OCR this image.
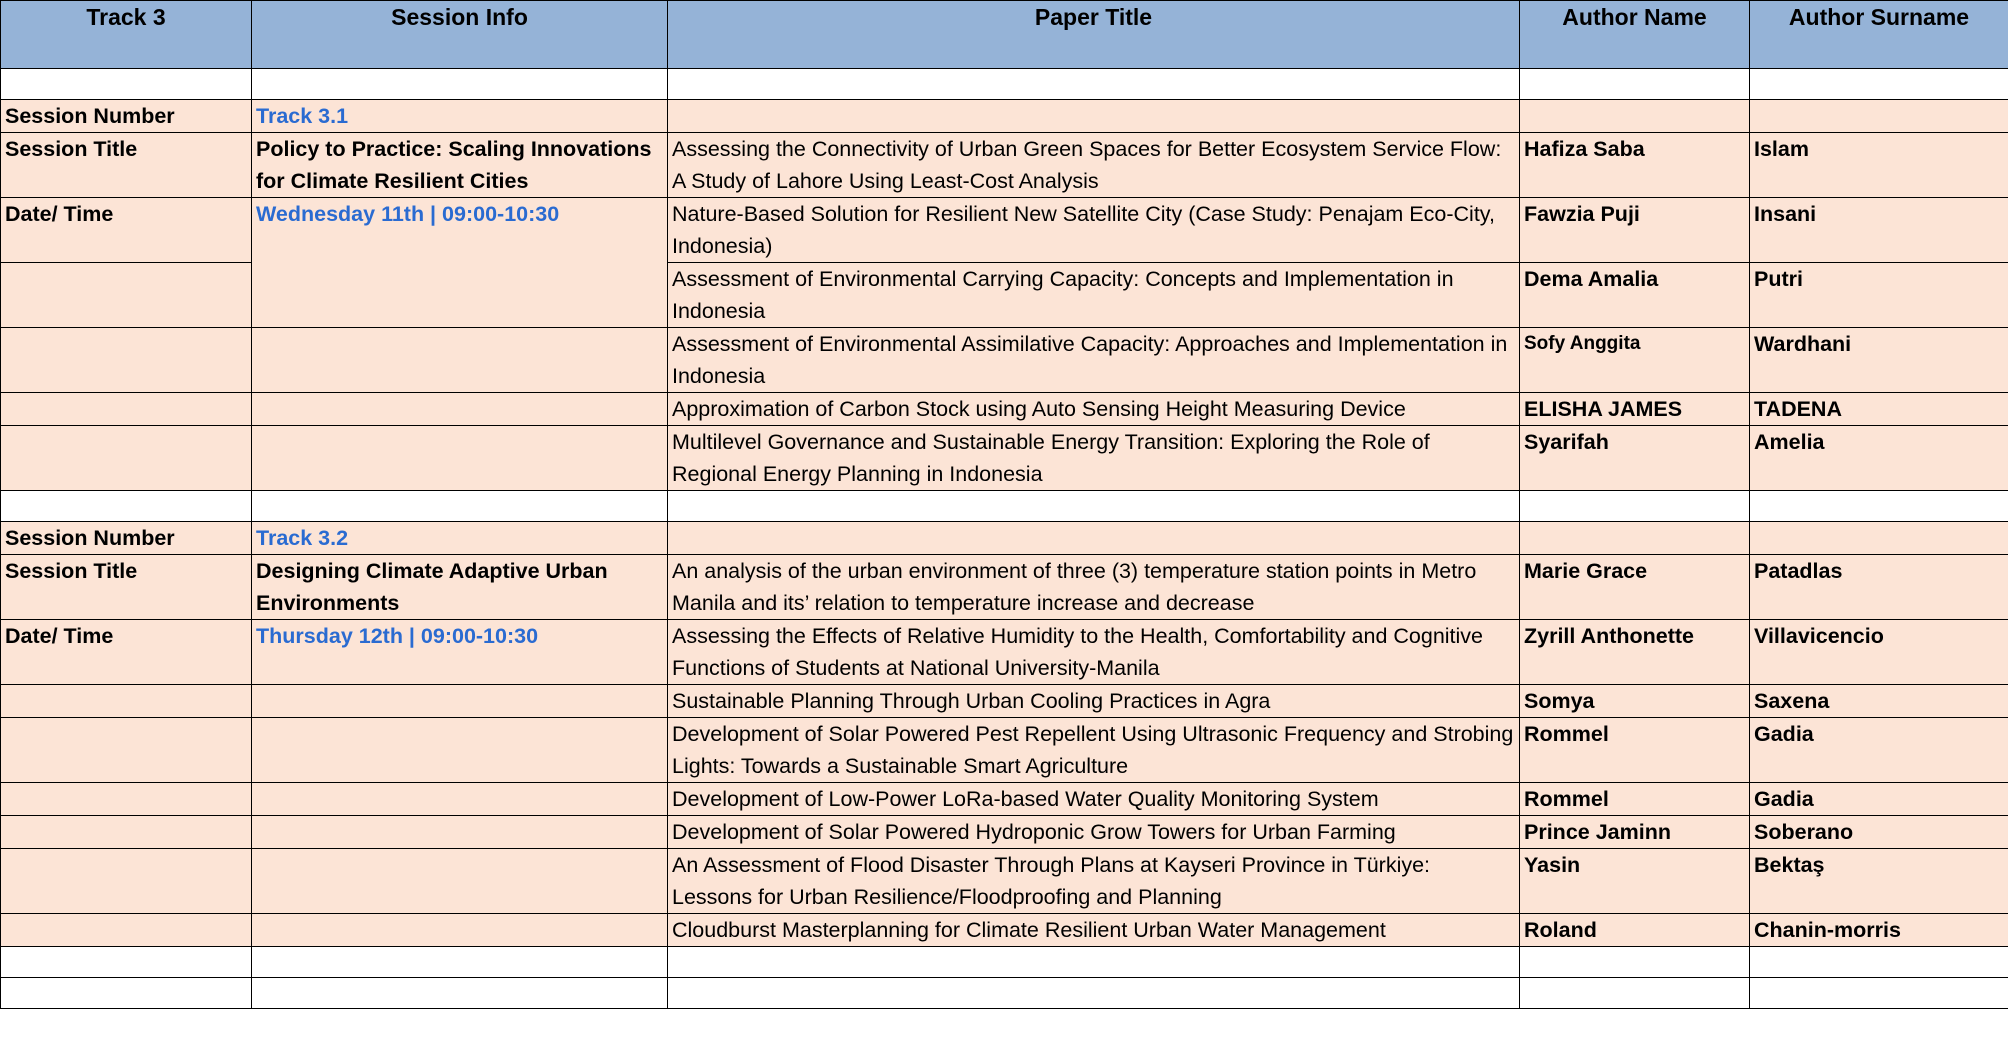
Track 3	Session Info	Paper Title	Author Name	Author Surname

Session Number	Track 3.1			
Session Title	Policy to Practice: Scaling Innovations for Climate Resilient Cities	Assessing the Connectivity of Urban Green Spaces for Better Ecosystem Service Flow: A Study of Lahore Using Least-Cost Analysis	Hafiza Saba	Islam
Date/ Time	Wednesday 11th | 09:00-10:30	Nature-Based Solution for Resilient New Satellite City (Case Study: Penajam Eco-City, Indonesia)	Fawzia Puji	Insani
		Assessment of Environmental Carrying Capacity: Concepts and Implementation in Indonesia	Dema Amalia	Putri
		Assessment of Environmental Assimilative Capacity: Approaches and Implementation in Indonesia	Sofy Anggita	Wardhani
		Approximation of Carbon Stock using Auto Sensing Height Measuring Device	ELISHA JAMES	TADENA
		Multilevel Governance and Sustainable Energy Transition: Exploring the Role of Regional Energy Planning in Indonesia	Syarifah	Amelia

Session Number	Track 3.2			
Session Title	Designing Climate Adaptive Urban Environments	An analysis of the urban environment of three (3) temperature station points in Metro Manila and its’ relation to temperature increase and decrease	Marie Grace	Patadlas
Date/ Time	Thursday 12th | 09:00-10:30	Assessing the Effects of Relative Humidity to the Health, Comfortability and Cognitive Functions of Students at National University-Manila	Zyrill Anthonette	Villavicencio
		Sustainable Planning Through Urban Cooling Practices in Agra	Somya	Saxena
		Development of Solar Powered Pest Repellent Using Ultrasonic Frequency and Strobing Lights: Towards a Sustainable Smart Agriculture	Rommel	Gadia
		Development of Low-Power LoRa-based Water Quality Monitoring System	Rommel	Gadia
		Development of Solar Powered Hydroponic Grow Towers for Urban Farming	Prince Jaminn	Soberano
		An Assessment of Flood Disaster Through Plans at Kayseri Province in Türkiye: Lessons for Urban Resilience/Floodproofing and Planning	Yasin	Bektaş
		Cloudburst Masterplanning for Climate Resilient Urban Water Management	Roland	Chanin-morris
